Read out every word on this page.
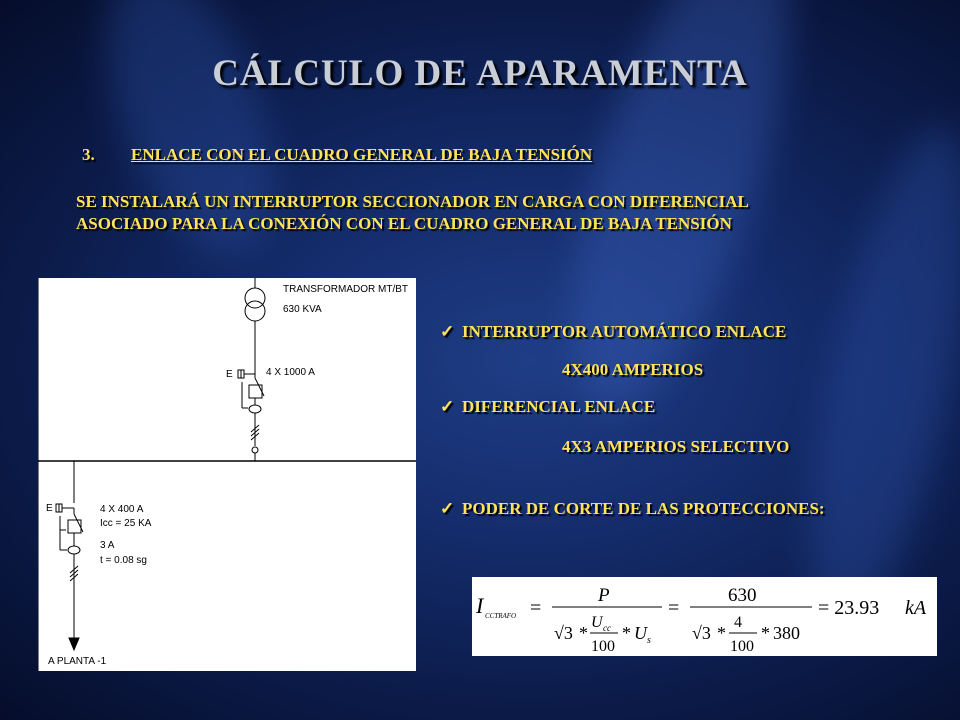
CÁLCULO DE APARAMENTA
3. ENLACE CON EL CUADRO GENERAL DE BAJA TENSIÓN
SE INSTALARÁ UN INTERRUPTOR SECCIONADOR EN CARGA CON DIFERENCIAL
ASOCIADO PARA LA CONEXIÓN CON EL CUADRO GENERAL DE BAJA TENSIÓN
TRANSFORMADOR MT/BT
630 KVA
E	4 X 1000 A
E	4 X 400 A
Icc = 25 KA
3 A
t = 0.08 sg
A PLANTA -1
✓ INTERRUPTOR AUTOMÁTICO ENLACE
4X400 AMPERIOS
✓ DIFERENCIAL ENLACE
4X3 AMPERIOS SELECTIVO
✓ PODER DE CORTE DE LAS PROTECCIONES:
I CCTRAFO =
P
√3 *
U cc
100
* U s
=
630
√3 *
4
100
* 380
= 23.93 kA
